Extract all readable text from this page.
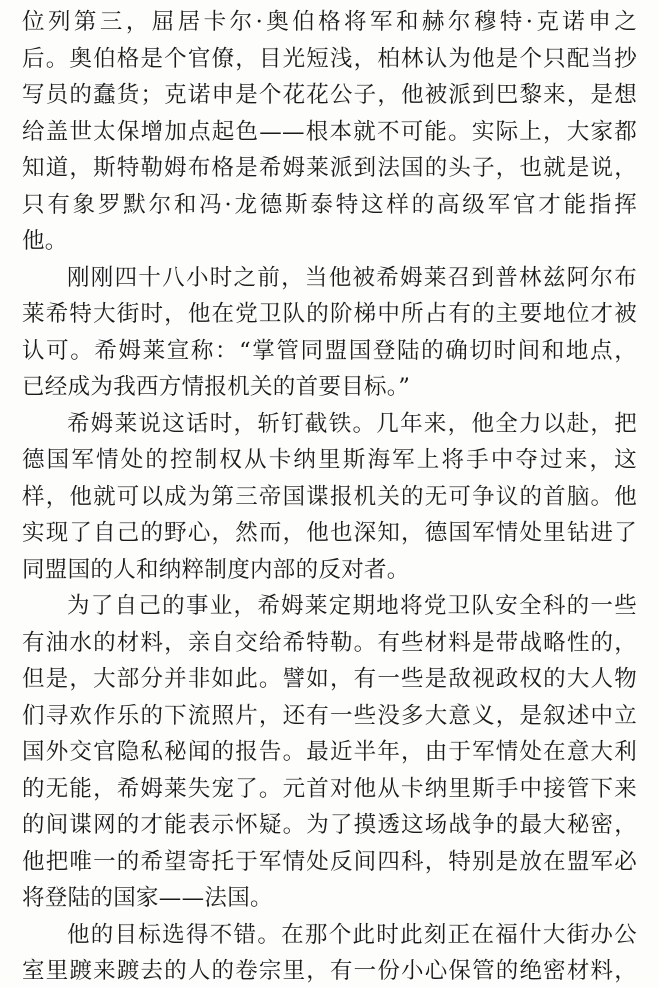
位列第三，屈居卡尔·奥伯格将军和赫尔穆特·克诺申之
后。奥伯格是个官僚，目光短浅，柏林认为他是个只配当抄
写员的蠢货；克诺申是个花花公子，他被派到巴黎来，是想
给盖世太保增加点起色——根本就不可能。实际上，大家都
知道，斯特勒姆布格是希姆莱派到法国的头子，也就是说，
只有象罗默尔和冯·龙德斯泰特这样的高级军官才能指挥
他。
刚刚四十八小时之前，当他被希姆莱召到普林兹阿尔布
莱希特大街时，他在党卫队的阶梯中所占有的主要地位才被
认可。希姆莱宣称：“掌管同盟国登陆的确切时间和地点，
已经成为我西方情报机关的首要目标。”
希姆莱说这话时，斩钉截铁。几年来，他全力以赴，把
德国军情处的控制权从卡纳里斯海军上将手中夺过来，这
样，他就可以成为第三帝国谍报机关的无可争议的首脑。他
实现了自己的野心，然而，他也深知，德国军情处里钻进了
同盟国的人和纳粹制度内部的反对者。
为了自己的事业，希姆莱定期地将党卫队安全科的一些
有油水的材料，亲自交给希特勒。有些材料是带战略性的，
但是，大部分并非如此。譬如，有一些是敌视政权的大人物
们寻欢作乐的下流照片，还有一些没多大意义，是叙述中立
国外交官隐私秘闻的报告。最近半年，由于军情处在意大利
的无能，希姆莱失宠了。元首对他从卡纳里斯手中接管下来
的间谍网的才能表示怀疑。为了摸透这场战争的最大秘密，
他把唯一的希望寄托于军情处反间四科，特别是放在盟军必
将登陆的国家——法国。
他的目标选得不错。在那个此时此刻正在福什大街办公
室里踱来踱去的人的卷宗里，有一份小心保管的绝密材料，
